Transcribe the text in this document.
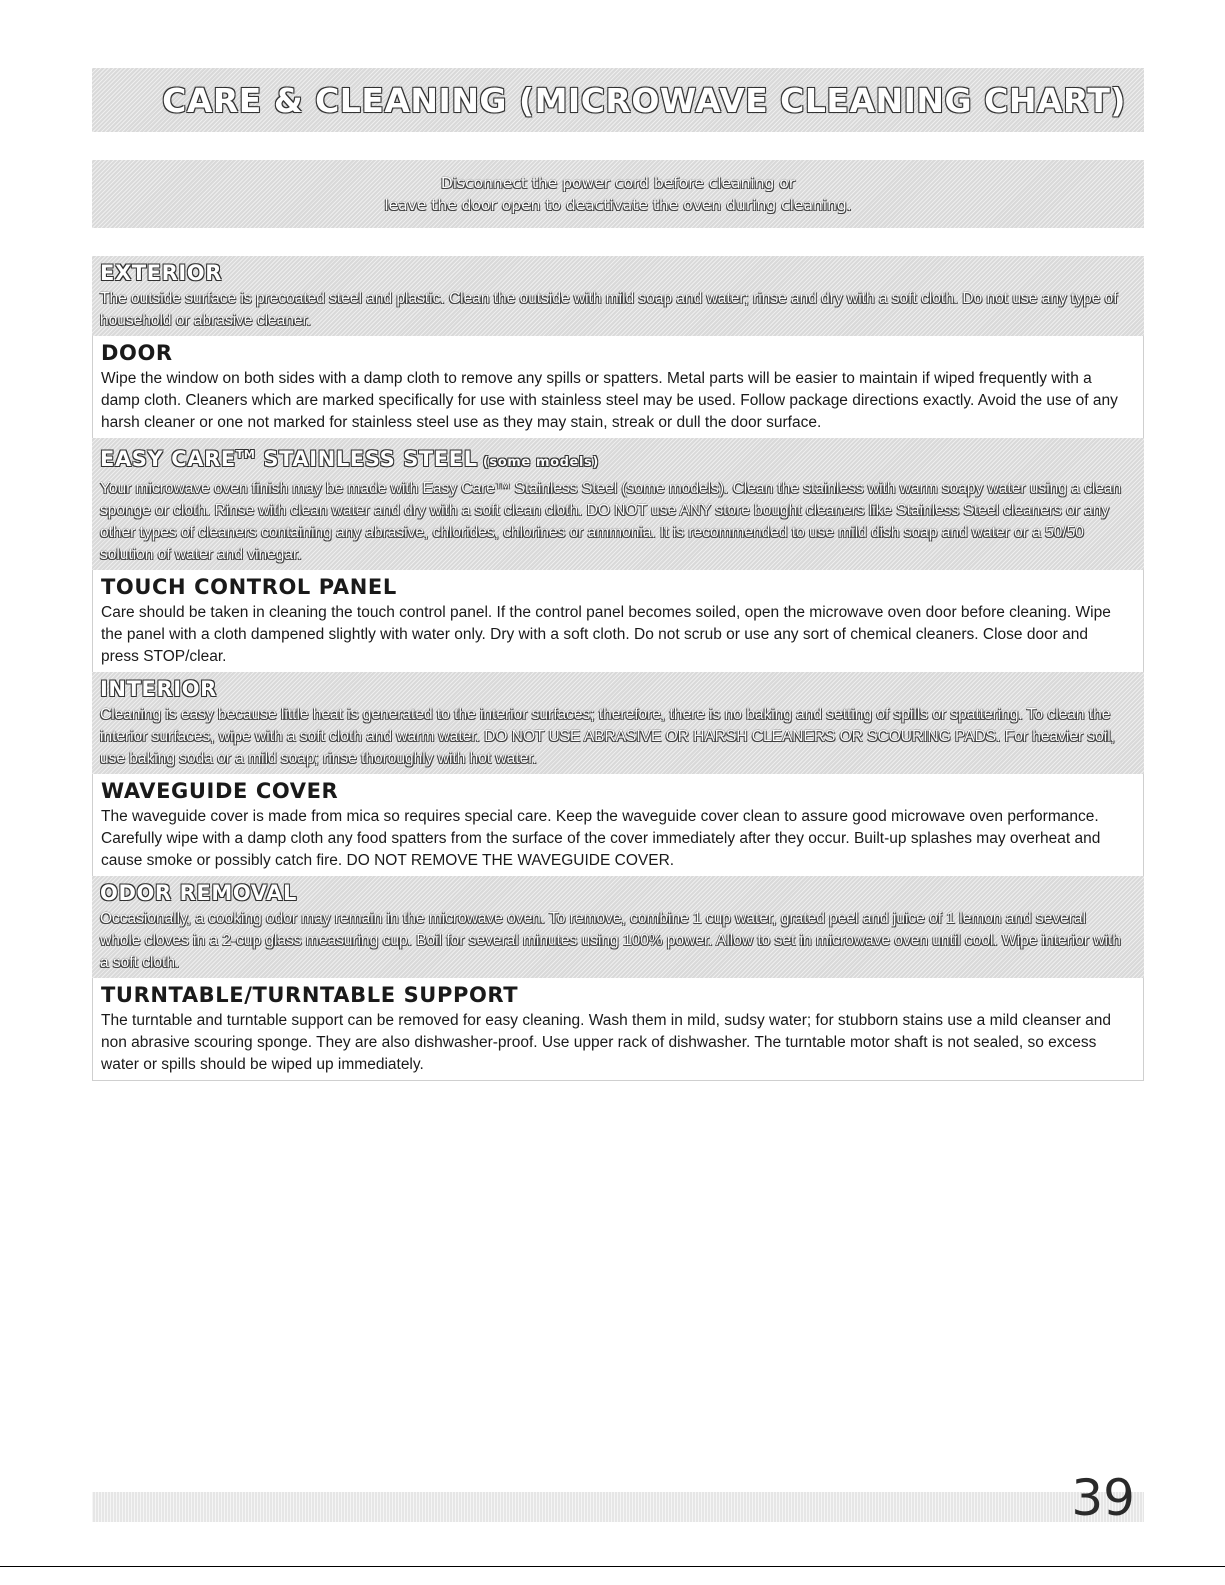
CARE & CLEANING (MICROWAVE CLEANING CHART)
Disconnect the power cord before cleaning or
leave the door open to deactivate the oven during cleaning.
EXTERIOR

The outside surface is precoated steel and plastic. Clean the outside with mild soap and water; rinse and dry with a soft cloth. Do not use any type of household or abrasive cleaner.

DOOR

Wipe the window on both sides with a damp cloth to remove any spills or spatters. Metal parts will be easier to maintain if wiped frequently with a damp cloth. Cleaners which are marked specifically for use with stainless steel may be used. Follow package directions exactly. Avoid the use of any harsh cleaner or one not marked for stainless steel use as they may stain, streak or dull the door surface.

EASY CARE™ STAINLESS STEEL (some models)

Your microwave oven finish may be made with Easy Care™ Stainless Steel (some models). Clean the stainless with warm soapy water using a clean sponge or cloth. Rinse with clean water and dry with a soft clean cloth. DO NOT use ANY store bought cleaners like Stainless Steel cleaners or any other types of cleaners containing any abrasive, chlorides, chlorines or ammonia. It is recommended to use mild dish soap and water or a 50/50 solution of water and vinegar.

TOUCH CONTROL PANEL

Care should be taken in cleaning the touch control panel. If the control panel becomes soiled, open the microwave oven door before cleaning. Wipe the panel with a cloth dampened slightly with water only. Dry with a soft cloth. Do not scrub or use any sort of chemical cleaners. Close door and press STOP/clear.

INTERIOR

Cleaning is easy because little heat is generated to the interior surfaces; therefore, there is no baking and setting of spills or spattering. To clean the interior surfaces, wipe with a soft cloth and warm water. DO NOT USE ABRASIVE OR HARSH CLEANERS OR SCOURING PADS. For heavier soil, use baking soda or a mild soap; rinse thoroughly with hot water.

WAVEGUIDE COVER

The waveguide cover is made from mica so requires special care. Keep the waveguide cover clean to assure good microwave oven performance. Carefully wipe with a damp cloth any food spatters from the surface of the cover immediately after they occur. Built-up splashes may overheat and cause smoke or possibly catch fire. DO NOT REMOVE THE WAVEGUIDE COVER.

ODOR REMOVAL

Occasionally, a cooking odor may remain in the microwave oven. To remove, combine 1 cup water, grated peel and juice of 1 lemon and several whole cloves in a 2-cup glass measuring cup. Boil for several minutes using 100% power. Allow to set in microwave oven until cool. Wipe interior with a soft cloth.

TURNTABLE/TURNTABLE SUPPORT

The turntable and turntable support can be removed for easy cleaning. Wash them in mild, sudsy water; for stubborn stains use a mild cleanser and non abrasive scouring sponge. They are also dishwasher-proof. Use upper rack of dishwasher. The turntable motor shaft is not sealed, so excess water or spills should be wiped up immediately.

39
